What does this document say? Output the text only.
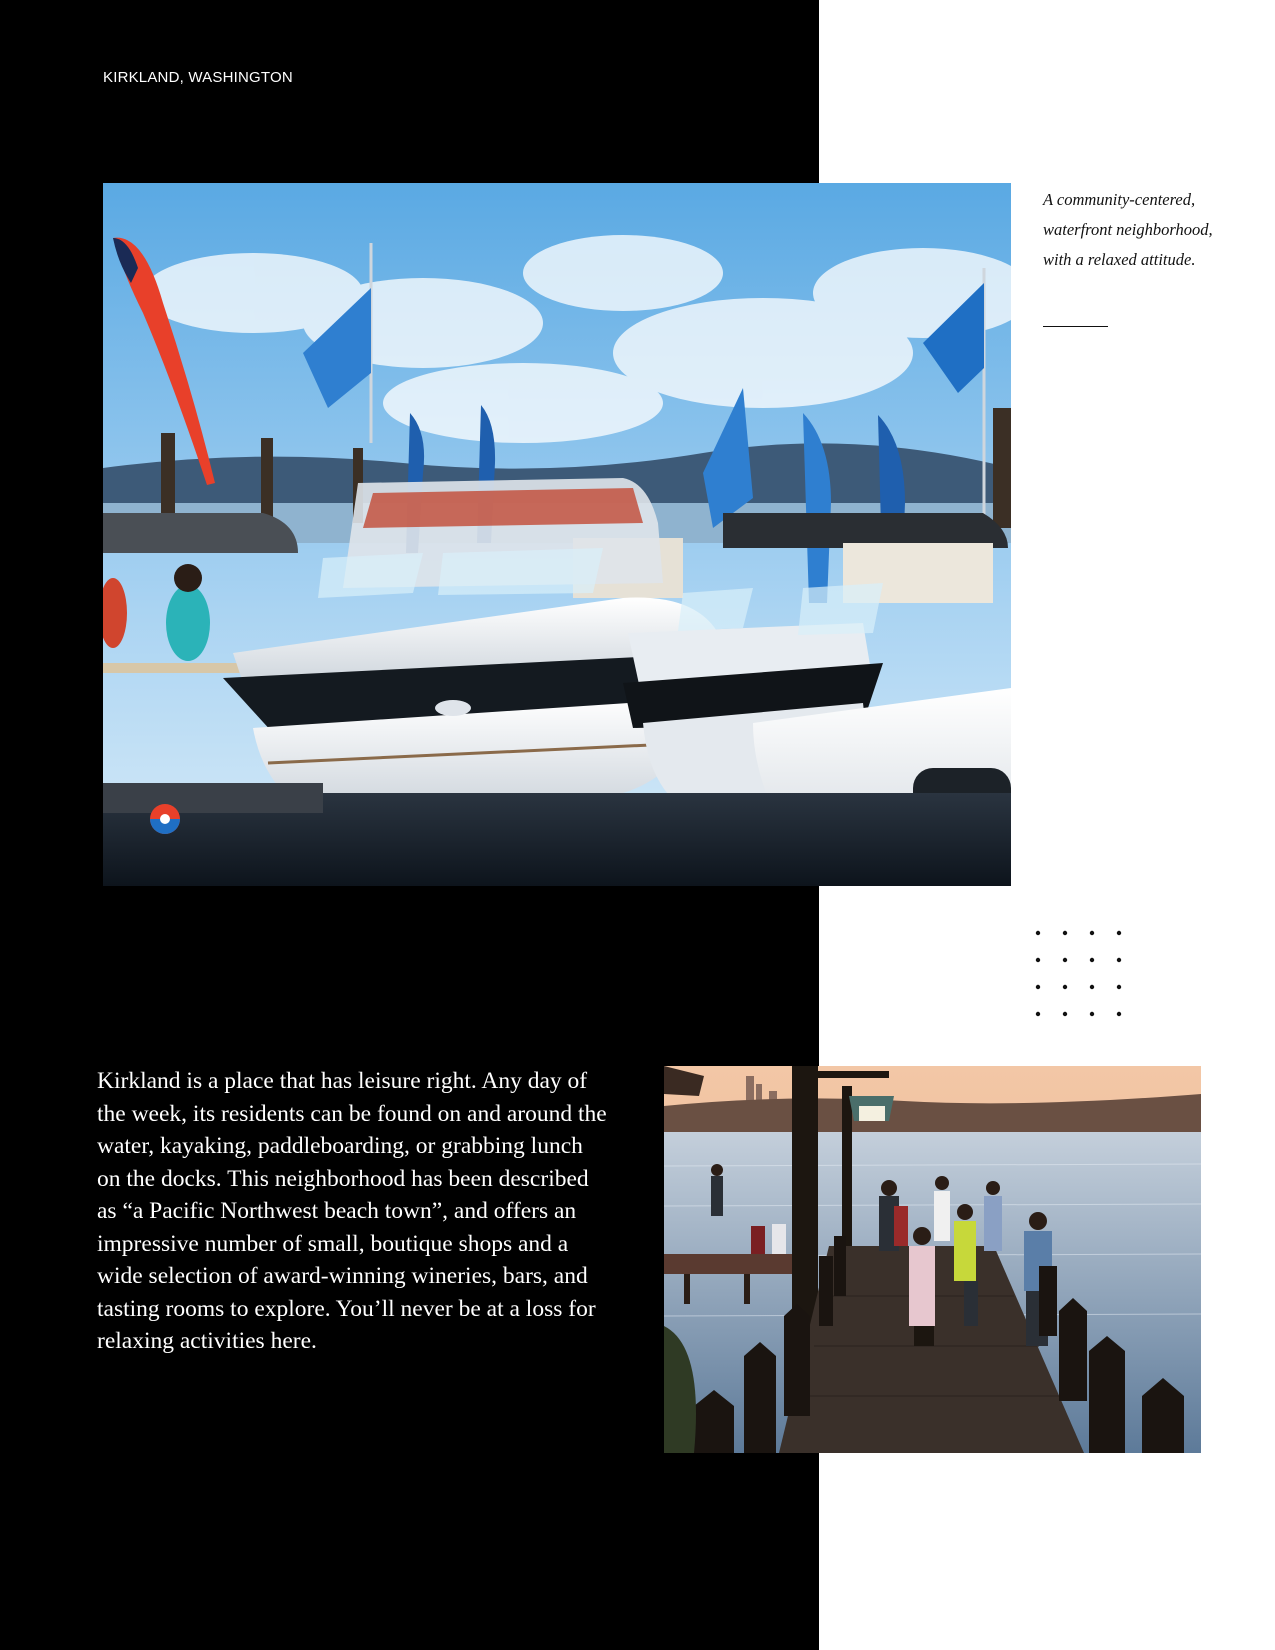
KIRKLAND, WASHINGTON
A community-centered, waterfront neighborhood, with a relaxed attitude.
Kirkland is a place that has leisure right. Any day of the week, its residents can be found on and around the water, kayaking, paddleboarding, or grabbing lunch on the docks. This neighborhood has been described as “a Pacific Northwest beach town”, and offers an impressive number of small, boutique shops and a wide selection of award-winning wineries, bars, and tasting rooms to explore. You’ll never be at a loss for relaxing activities here.
